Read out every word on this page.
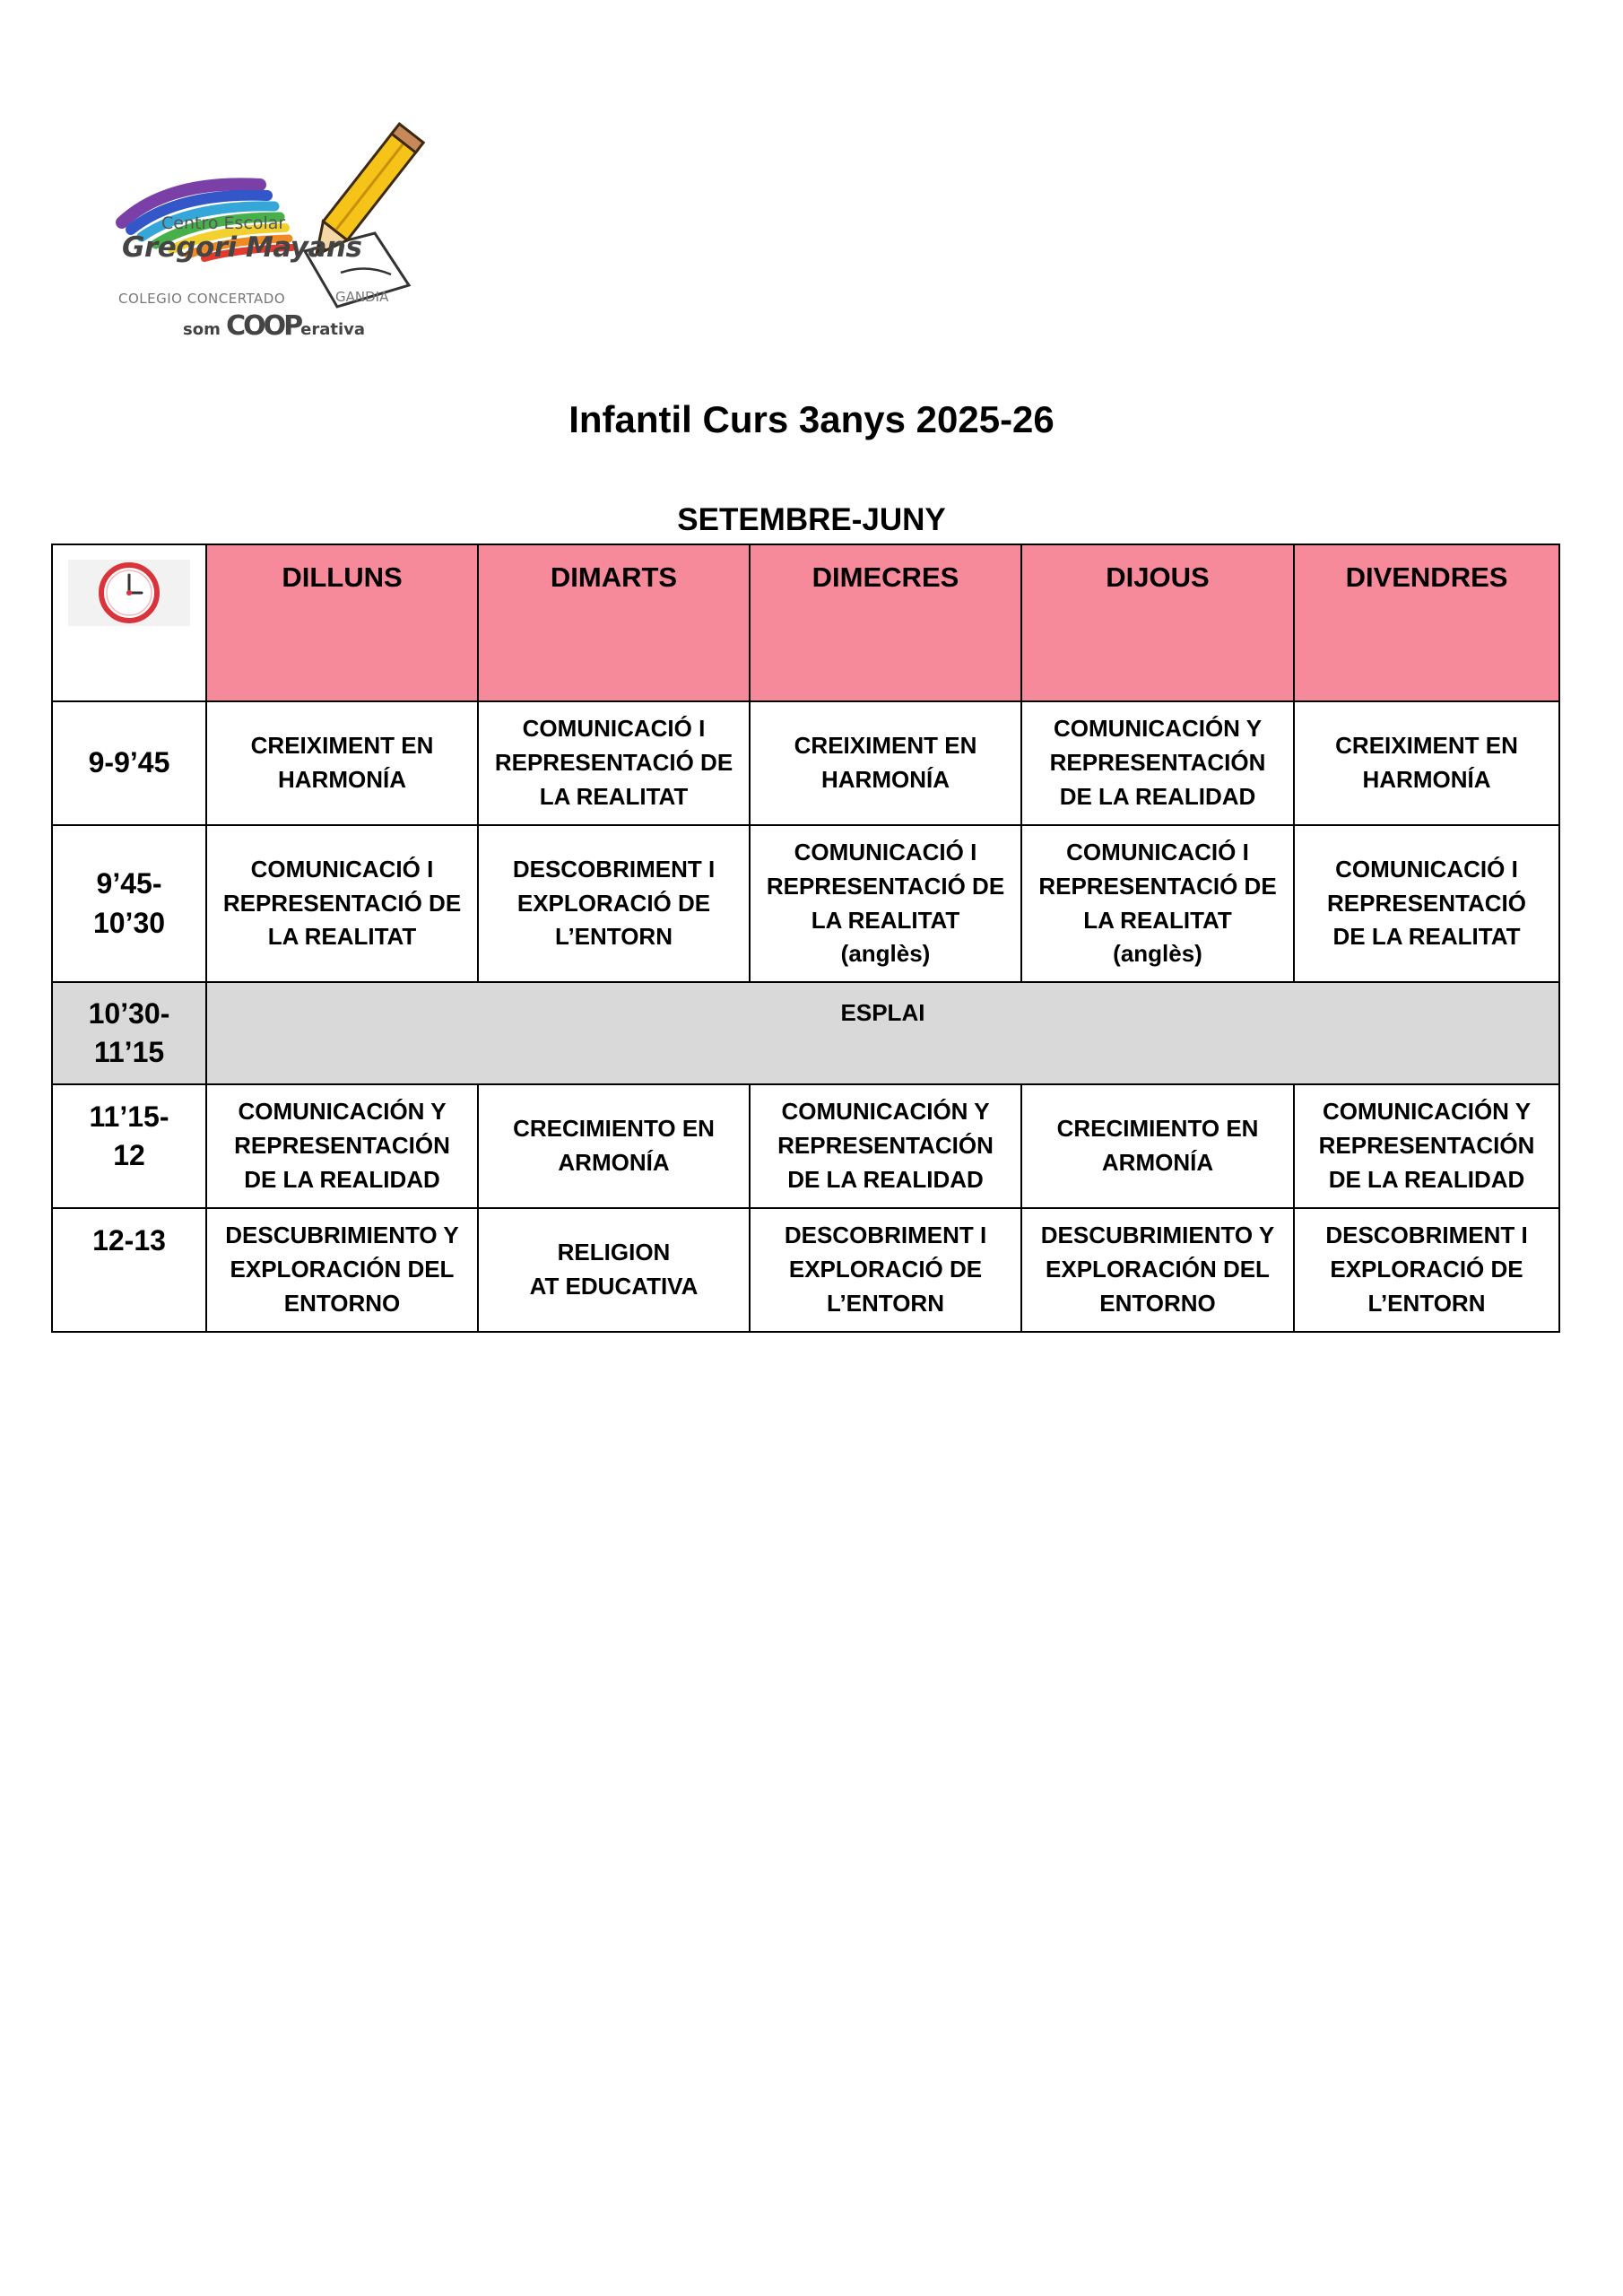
Centro Escolar
Gregori Mayans
COLEGIO CONCERTADO	GANDIA
som COOPerativa
Infantil Curs 3anys 2025-26
SETEMBRE-JUNY
	DILLUNS	DIMARTS	DIMECRES	DIJOUS	DIVENDRES

9-9’45	CREIXIMENT EN
HARMONÍA	COMUNICACIÓ I
REPRESENTACIÓ DE
LA REALITAT	CREIXIMENT EN
HARMONÍA	COMUNICACIÓN Y
REPRESENTACIÓN
DE LA REALIDAD	CREIXIMENT EN
HARMONÍA

9’45-
10’30	COMUNICACIÓ I
REPRESENTACIÓ DE
LA REALITAT	DESCOBRIMENT I
EXPLORACIÓ DE
L’ENTORN	COMUNICACIÓ I
REPRESENTACIÓ DE
LA REALITAT
(anglès)	COMUNICACIÓ I
REPRESENTACIÓ DE
LA REALITAT
(anglès)	COMUNICACIÓ I
REPRESENTACIÓ
DE LA REALITAT

10’30-
11’15	ESPLAI				

11’15-
12	COMUNICACIÓN Y
REPRESENTACIÓN
DE LA REALIDAD	CRECIMIENTO EN
ARMONÍA	COMUNICACIÓN Y
REPRESENTACIÓN
DE LA REALIDAD	CRECIMIENTO EN
ARMONÍA	COMUNICACIÓN Y
REPRESENTACIÓN
DE LA REALIDAD

12-13	DESCUBRIMIENTO Y
EXPLORACIÓN DEL
ENTORNO	RELIGION
AT EDUCATIVA	DESCOBRIMENT I
EXPLORACIÓ DE
L’ENTORN	DESCUBRIMIENTO Y
EXPLORACIÓN DEL
ENTORNO	DESCOBRIMENT I
EXPLORACIÓ DE
L’ENTORN
